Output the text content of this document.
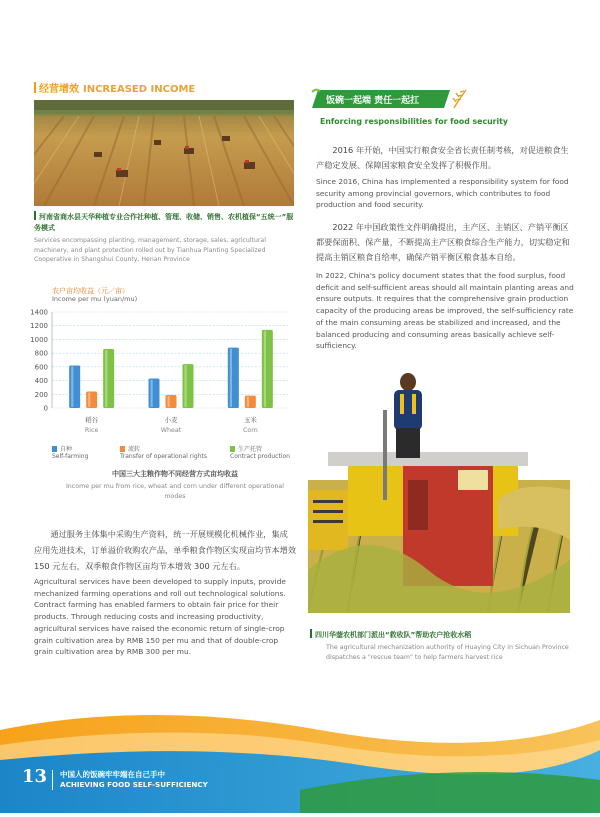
经营增效 INCREASED INCOME
河南省商水县天华种植专业合作社种植、管理、收储、销售、农机植保“五统一”服务模式
Services encompassing planting, management, storage, sales, agricultural machinery, and plant protection rolled out by Tianhua Planting Specialized Cooperative in Shangshui County, Henan Province
农户亩均收益（元／亩）
Income per mu (yuan/mu)
0
200
400
600
800
1000
1200
1400
稻谷
Rice
小麦
Wheat
玉米
Corn
自种
Self-farming
流转
Transfer of operational rights
生产托管
Contract production
中国三大主粮作物不同经营方式亩均收益
Income per mu from rice, wheat and corn under different operational modes
通过服务主体集中采购生产资料，统一开展规模化机械作业，集成应用先进技术，订单溢价收购农产品，单季粮食作物区实现亩均节本增效 150 元左右，双季粮食作物区亩均节本增效 300 元左右。
Agricultural services have been developed to supply inputs, provide mechanized farming operations and roll out technological solutions. Contract farming has enabled farmers to obtain fair price for their products. Through reducing costs and increasing productivity, agricultural services have raised the economic return of single-crop grain cultivation area by RMB 150 per mu and that of double-crop grain cultivation area by RMB 300 per mu.
饭碗一起端 责任一起扛
Enforcing responsibilities for food security
2016 年开始，中国实行粮食安全省长责任制考核，对促进粮食生产稳定发展、保障国家粮食安全发挥了积极作用。
Since 2016, China has implemented a responsibility system for food security among provincial governors, which contributes to food production and food security.
2022 年中国政策性文件明确提出，主产区、主销区、产销平衡区都要保面积、保产量，不断提高主产区粮食综合生产能力，切实稳定和提高主销区粮食自给率，确保产销平衡区粮食基本自给。
In 2022, China's policy document states that the food surplus, food deficit and self-sufficient areas should all maintain planting areas and ensure outputs. It requires that the comprehensive grain production capacity of the producing areas be improved, the self-sufficiency rate of the main consuming areas be stabilized and increased, and the balanced producing and consuming areas basically achieve self-sufficiency.
四川华蓥农机部门派出“救收队”帮助农户抢收水稻
The agricultural mechanization authority of Huaying City in Sichuan Province dispatches a "rescue team" to help farmers harvest rice
13 中国人的饭碗牢牢端在自己手中
ACHIEVING FOOD SELF-SUFFICIENCY
